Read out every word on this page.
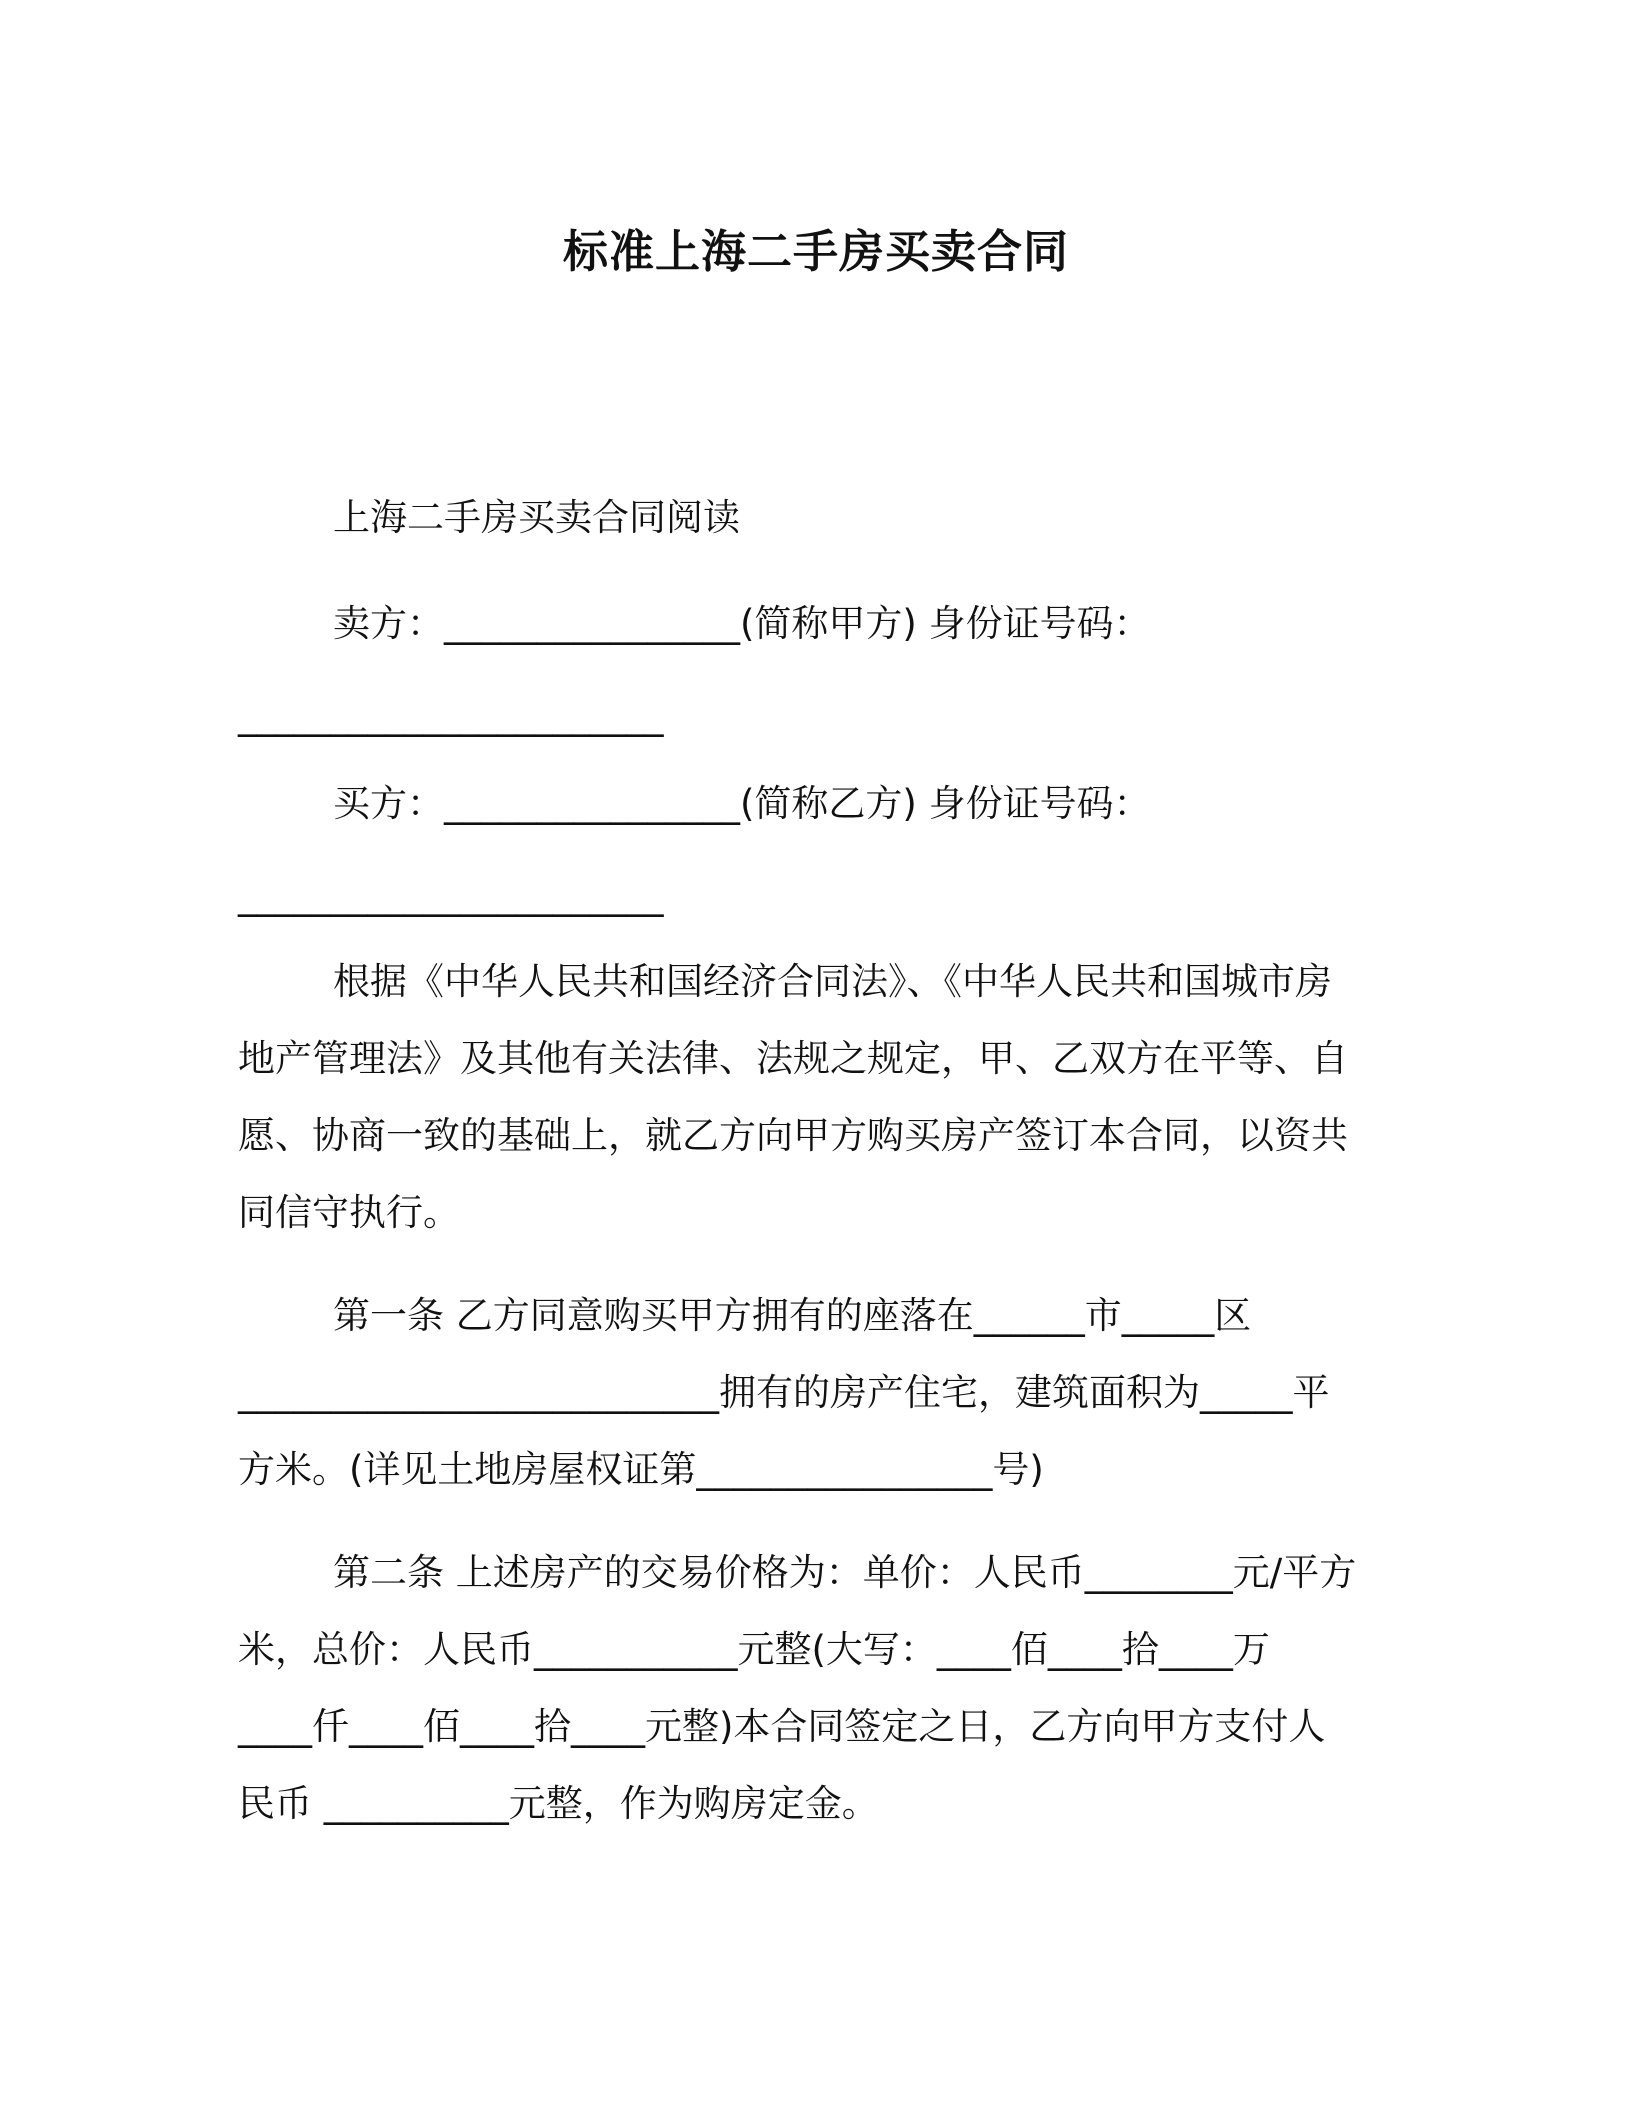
标准上海二手房买卖合同
上海二手房买卖合同阅读
卖方：________________(简称甲方) 身份证号码：
_______________________
买方：________________(简称乙方) 身份证号码：
_______________________
根据《中华人民共和国经济合同法》、《中华人民共和国城市房
地产管理法》及其他有关法律、法规之规定，甲、乙双方在平等、自
愿、协商一致的基础上，就乙方向甲方购买房产签订本合同，以资共
同信守执行。
第一条 乙方同意购买甲方拥有的座落在______市_____区
__________________________拥有的房产住宅，建筑面积为_____平
方米。(详见土地房屋权证第________________号)
第二条 上述房产的交易价格为：单价：人民币________元/平方
米，总价：人民币___________元整(大写：____佰____拾____万
____仟____佰____拾____元整)本合同签定之日，乙方向甲方支付人
民币 __________元整，作为购房定金。
